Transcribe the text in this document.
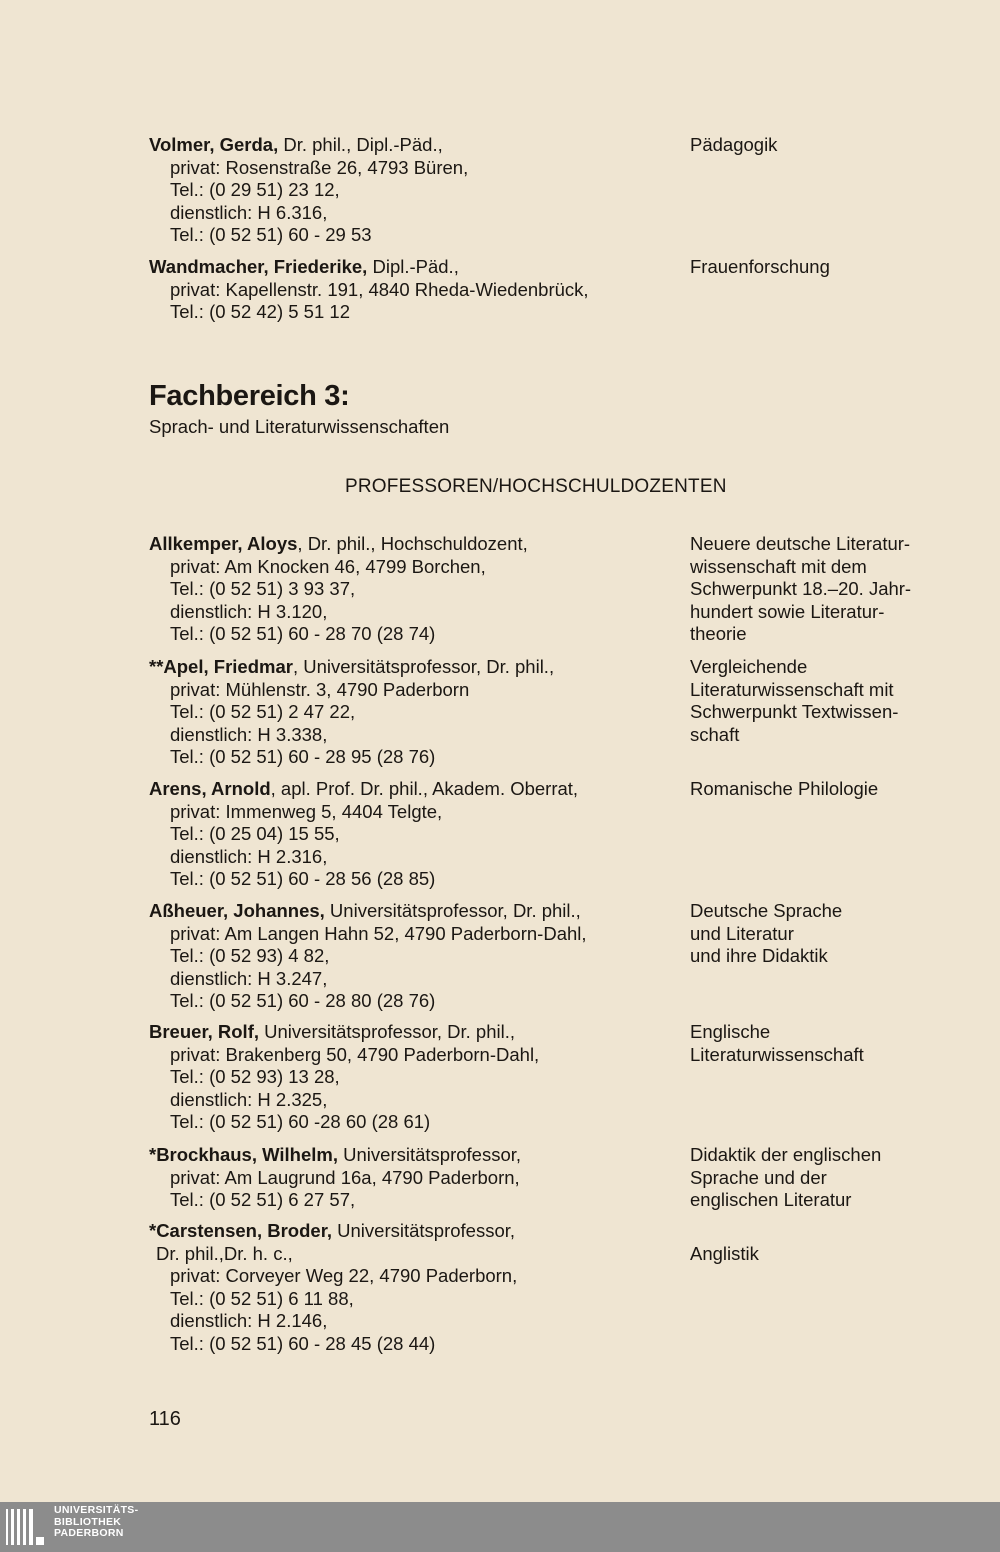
Volmer, Gerda, Dr. phil., Dipl.-Päd.,
privat: Rosenstraße 26, 4793 Büren,
Tel.: (0 29 51) 23 12,
dienstlich: H 6.316,
Tel.: (0 52 51) 60 - 29 53
Pädagogik
Wandmacher, Friederike, Dipl.-Päd.,
privat: Kapellenstr. 191, 4840 Rheda-Wiedenbrück,
Tel.: (0 52 42) 5 51 12
Frauenforschung
Fachbereich 3:
Sprach- und Literaturwissenschaften
PROFESSOREN/HOCHSCHULDOZENTEN
Allkemper, Aloys, Dr. phil., Hochschuldozent,
privat: Am Knocken 46, 4799 Borchen,
Tel.: (0 52 51) 3 93 37,
dienstlich: H 3.120,
Tel.: (0 52 51) 60 - 28 70 (28 74)
Neuere deutsche Literatur-
wissenschaft mit dem
Schwerpunkt 18.–20. Jahr-
hundert sowie Literatur-
theorie
**Apel, Friedmar, Universitätsprofessor, Dr. phil.,
privat: Mühlenstr. 3, 4790 Paderborn
Tel.: (0 52 51) 2 47 22,
dienstlich: H 3.338,
Tel.: (0 52 51) 60 - 28 95 (28 76)
Vergleichende
Literaturwissenschaft mit
Schwerpunkt Textwissen-
schaft
Arens, Arnold, apl. Prof. Dr. phil., Akadem. Oberrat,
privat: Immenweg 5, 4404 Telgte,
Tel.: (0 25 04) 15 55,
dienstlich: H 2.316,
Tel.: (0 52 51) 60 - 28 56 (28 85)
Romanische Philologie
Aßheuer, Johannes, Universitätsprofessor, Dr. phil.,
privat: Am Langen Hahn 52, 4790 Paderborn-Dahl,
Tel.: (0 52 93) 4 82,
dienstlich: H 3.247,
Tel.: (0 52 51) 60 - 28 80 (28 76)
Deutsche Sprache
und Literatur
und ihre Didaktik
Breuer, Rolf, Universitätsprofessor, Dr. phil.,
privat: Brakenberg 50, 4790 Paderborn-Dahl,
Tel.: (0 52 93) 13 28,
dienstlich: H 2.325,
Tel.: (0 52 51) 60 -28 60 (28 61)
Englische
Literaturwissenschaft
*Brockhaus, Wilhelm, Universitätsprofessor,
privat: Am Laugrund 16a, 4790 Paderborn,
Tel.: (0 52 51) 6 27 57,
Didaktik der englischen
Sprache und der
englischen Literatur
*Carstensen, Broder, Universitätsprofessor,
Dr. phil.,Dr. h. c.,
privat: Corveyer Weg 22, 4790 Paderborn,
Tel.: (0 52 51) 6 11 88,
dienstlich: H 2.146,
Tel.: (0 52 51) 60 - 28 45 (28 44)
Anglistik
116
UNIVERSITÄTS-
BIBLIOTHEK
PADERBORN
